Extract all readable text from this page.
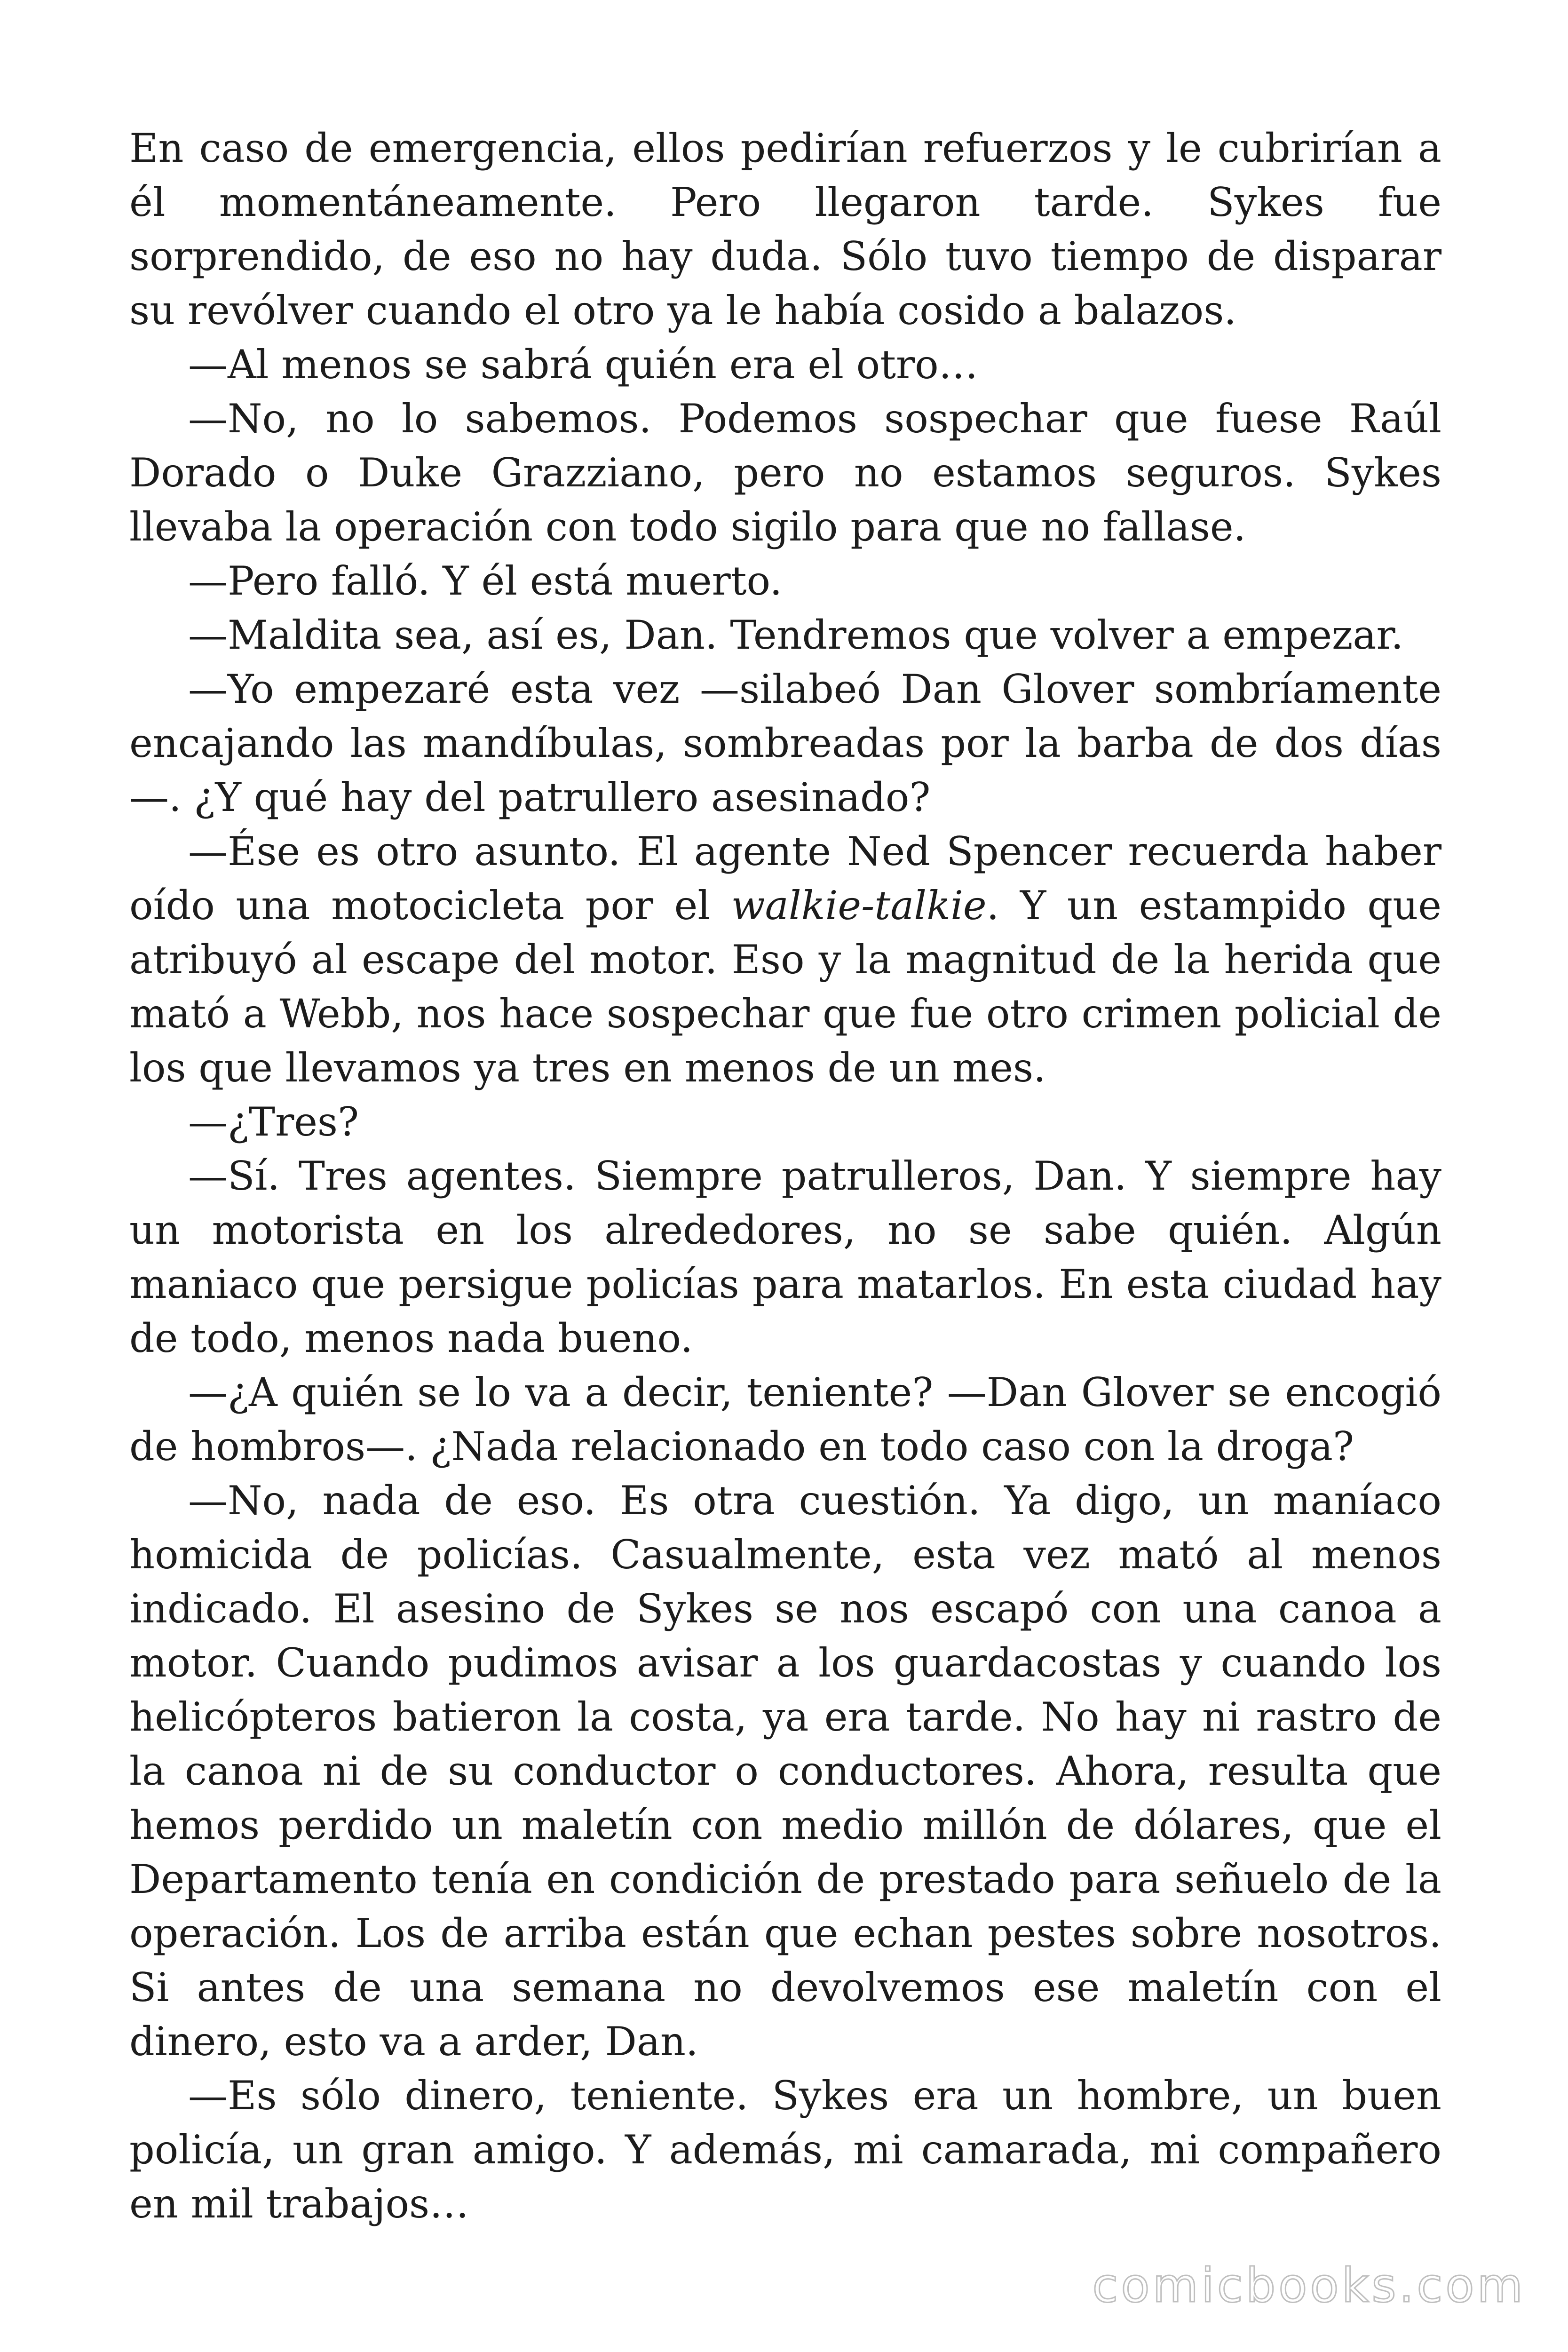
En caso de emergencia, ellos pedirían refuerzos y le cubrirían a él momentáneamente. Pero llegaron tarde. Sykes fue sorprendido, de eso no hay duda. Sólo tuvo tiempo de disparar su revólver cuando el otro ya le había cosido a balazos.

—Al menos se sabrá quién era el otro…

—No, no lo sabemos. Podemos sospechar que fuese Raúl Dorado o Duke Grazziano, pero no estamos seguros. Sykes llevaba la operación con todo sigilo para que no fallase.

—Pero falló. Y él está muerto.

—Maldita sea, así es, Dan. Tendremos que volver a empezar.

—Yo empezaré esta vez —silabeó Dan Glover sombríamente encajando las mandíbulas, sombreadas por la barba de dos días—. ¿Y qué hay del patrullero asesinado?

—Ése es otro asunto. El agente Ned Spencer recuerda haber oído una motocicleta por el walkie-talkie. Y un estampido que atribuyó al escape del motor. Eso y la magnitud de la herida que mató a Webb, nos hace sospechar que fue otro crimen policial de los que llevamos ya tres en menos de un mes.

—¿Tres?

—Sí. Tres agentes. Siempre patrulleros, Dan. Y siempre hay un motorista en los alrededores, no se sabe quién. Algún maniaco que persigue policías para matarlos. En esta ciudad hay de todo, menos nada bueno.

—¿A quién se lo va a decir, teniente? —Dan Glover se encogió de hombros—. ¿Nada relacionado en todo caso con la droga?

—No, nada de eso. Es otra cuestión. Ya digo, un maníaco homicida de policías. Casualmente, esta vez mató al menos indicado. El asesino de Sykes se nos escapó con una canoa a motor. Cuando pudimos avisar a los guardacostas y cuando los helicópteros batieron la costa, ya era tarde. No hay ni rastro de la canoa ni de su conductor o conductores. Ahora, resulta que hemos perdido un maletín con medio millón de dólares, que el Departamento tenía en condición de prestado para señuelo de la operación. Los de arriba están que echan pestes sobre nosotros. Si antes de una semana no devolvemos ese maletín con el dinero, esto va a arder, Dan.

—Es sólo dinero, teniente. Sykes era un hombre, un buen policía, un gran amigo. Y además, mi camarada, mi compañero en mil trabajos…

comicbooks.com
